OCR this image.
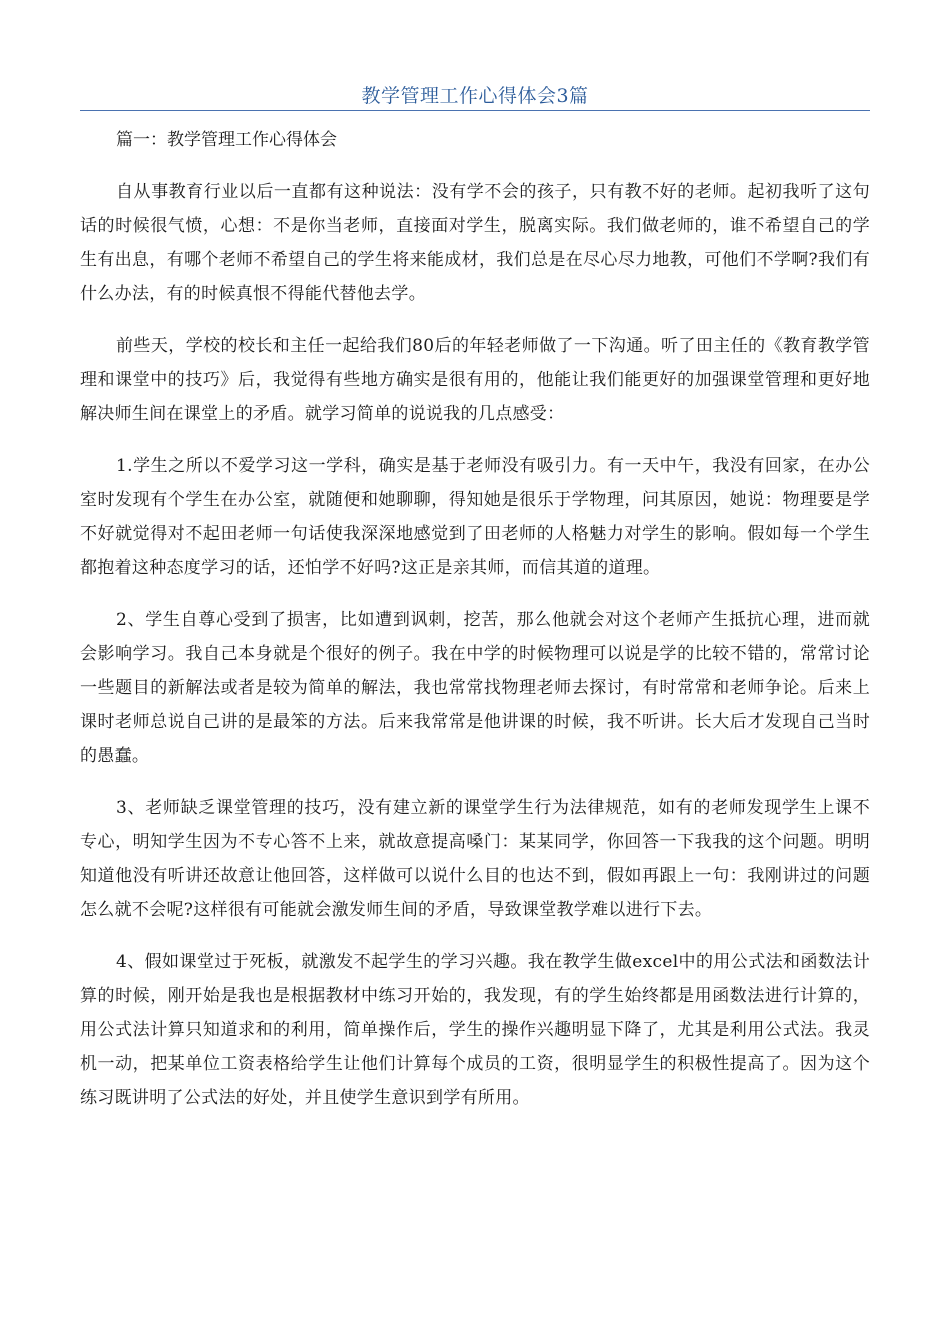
教学管理工作心得体会3篇

篇一：教学管理工作心得体会

自从事教育行业以后一直都有这种说法：没有学不会的孩子，只有教不好的老师。起初我听了这句话的时候很气愤，心想：不是你当老师，直接面对学生，脱离实际。我们做老师的，谁不希望自己的学生有出息，有哪个老师不希望自己的学生将来能成材，我们总是在尽心尽力地教，可他们不学啊?我们有什么办法，有的时候真恨不得能代替他去学。

前些天，学校的校长和主任一起给我们80后的年轻老师做了一下沟通。听了田主任的《教育教学管理和课堂中的技巧》后，我觉得有些地方确实是很有用的，他能让我们能更好的加强课堂管理和更好地解决师生间在课堂上的矛盾。就学习简单的说说我的几点感受：

1.学生之所以不爱学习这一学科，确实是基于老师没有吸引力。有一天中午，我没有回家，在办公室时发现有个学生在办公室，就随便和她聊聊，得知她是很乐于学物理，问其原因，她说：物理要是学不好就觉得对不起田老师一句话使我深深地感觉到了田老师的人格魅力对学生的影响。假如每一个学生都抱着这种态度学习的话，还怕学不好吗?这正是亲其师，而信其道的道理。

2、学生自尊心受到了损害，比如遭到讽刺，挖苦，那么他就会对这个老师产生抵抗心理，进而就会影响学习。我自己本身就是个很好的例子。我在中学的时候物理可以说是学的比较不错的，常常讨论一些题目的新解法或者是较为简单的解法，我也常常找物理老师去探讨，有时常常和老师争论。后来上课时老师总说自己讲的是最笨的方法。后来我常常是他讲课的时候，我不听讲。长大后才发现自己当时的愚蠢。

3、老师缺乏课堂管理的技巧，没有建立新的课堂学生行为法律规范，如有的老师发现学生上课不专心，明知学生因为不专心答不上来，就故意提高嗓门：某某同学，你回答一下我我的这个问题。明明知道他没有听讲还故意让他回答，这样做可以说什么目的也达不到，假如再跟上一句：我刚讲过的问题怎么就不会呢?这样很有可能就会激发师生间的矛盾，导致课堂教学难以进行下去。

4、假如课堂过于死板，就激发不起学生的学习兴趣。我在教学生做excel中的用公式法和函数法计算的时候，刚开始是我也是根据教材中练习开始的，我发现，有的学生始终都是用函数法进行计算的，用公式法计算只知道求和的利用，简单操作后，学生的操作兴趣明显下降了，尤其是利用公式法。我灵机一动，把某单位工资表格给学生让他们计算每个成员的工资，很明显学生的积极性提高了。因为这个练习既讲明了公式法的好处，并且使学生意识到学有所用。
